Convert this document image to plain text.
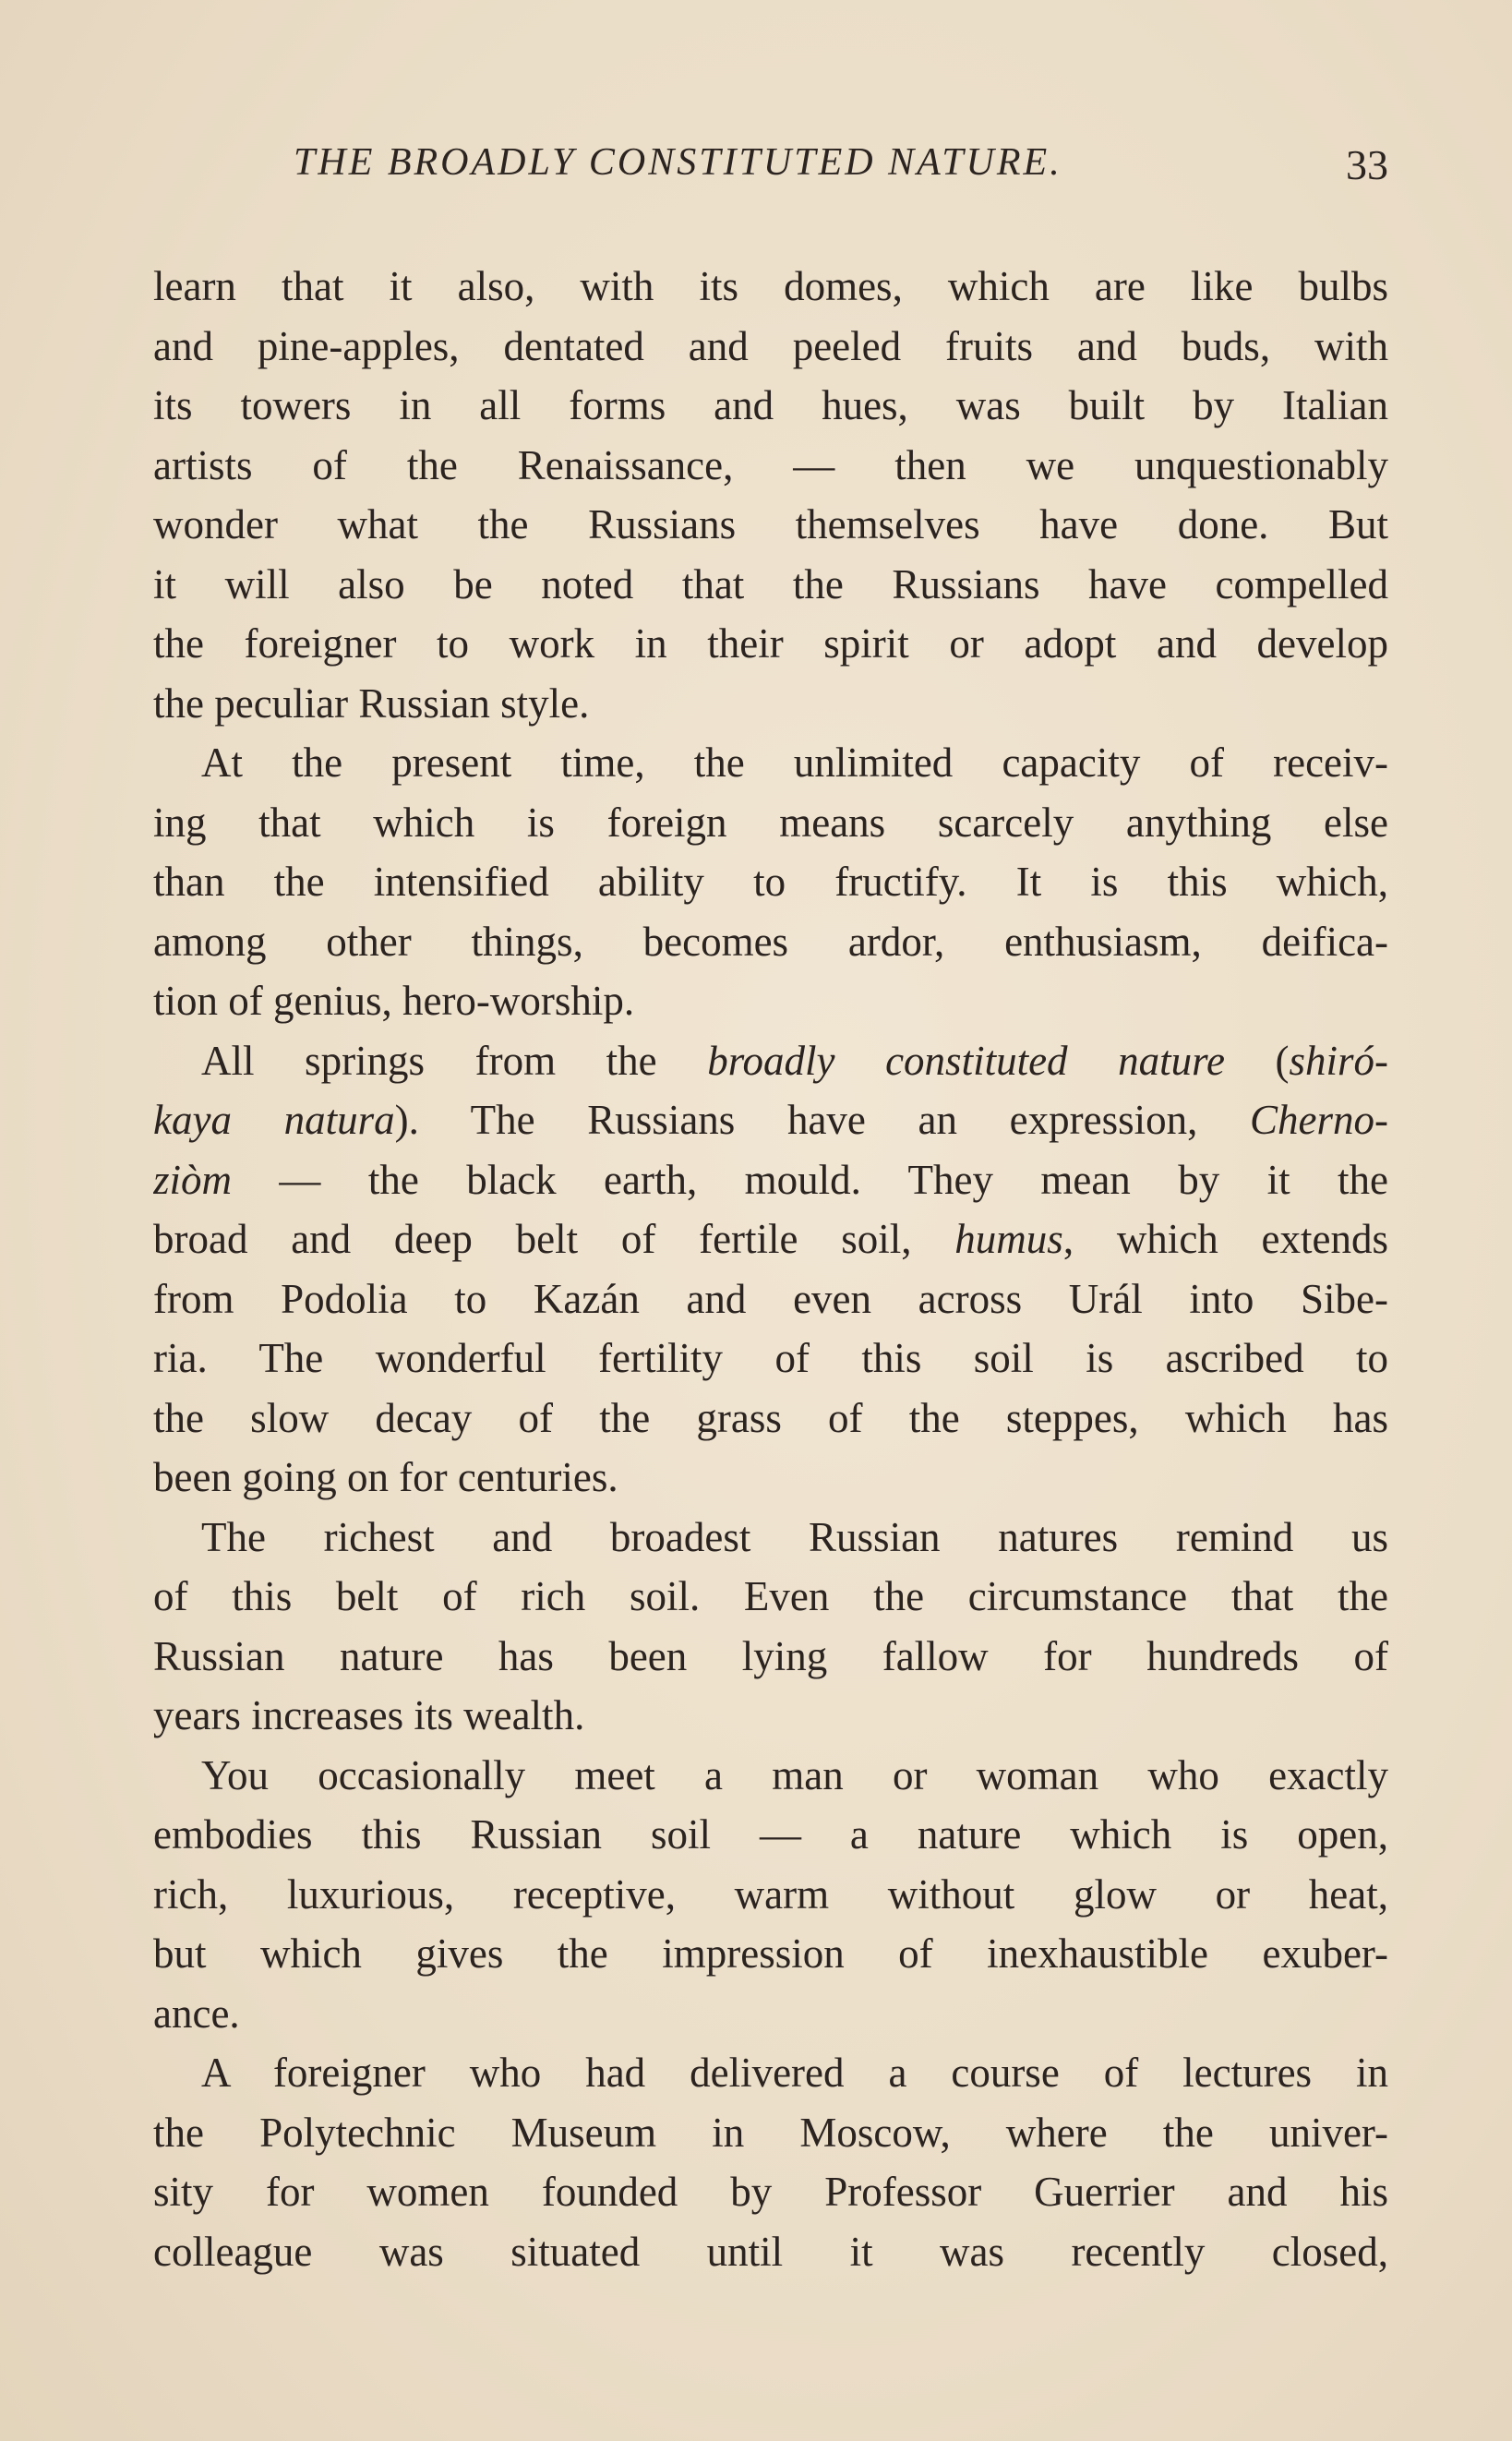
THE BROADLY CONSTITUTED NATURE.	33
learn that it also, with its domes, which are like bulbs
and pine-apples, dentated and peeled fruits and buds, with
its towers in all forms and hues, was built by Italian
artists of the Renaissance, — then we unquestionably
wonder what the Russians themselves have done. But
it will also be noted that the Russians have compelled
the foreigner to work in their spirit or adopt and develop
the peculiar Russian style.
At the present time, the unlimited capacity of receiv-
ing that which is foreign means scarcely anything else
than the intensified ability to fructify. It is this which,
among other things, becomes ardor, enthusiasm, deifica-
tion of genius, hero-worship.
All springs from the broadly constituted nature (shiró-
kaya natura). The Russians have an expression, Cherno-
ziòm — the black earth, mould. They mean by it the
broad and deep belt of fertile soil, humus, which extends
from Podolia to Kazán and even across Urál into Sibe-
ria. The wonderful fertility of this soil is ascribed to
the slow decay of the grass of the steppes, which has
been going on for centuries.
The richest and broadest Russian natures remind us
of this belt of rich soil. Even the circumstance that the
Russian nature has been lying fallow for hundreds of
years increases its wealth.
You occasionally meet a man or woman who exactly
embodies this Russian soil — a nature which is open,
rich, luxurious, receptive, warm without glow or heat,
but which gives the impression of inexhaustible exuber-
ance.
A foreigner who had delivered a course of lectures in
the Polytechnic Museum in Moscow, where the univer-
sity for women founded by Professor Guerrier and his
colleague was situated until it was recently closed,
